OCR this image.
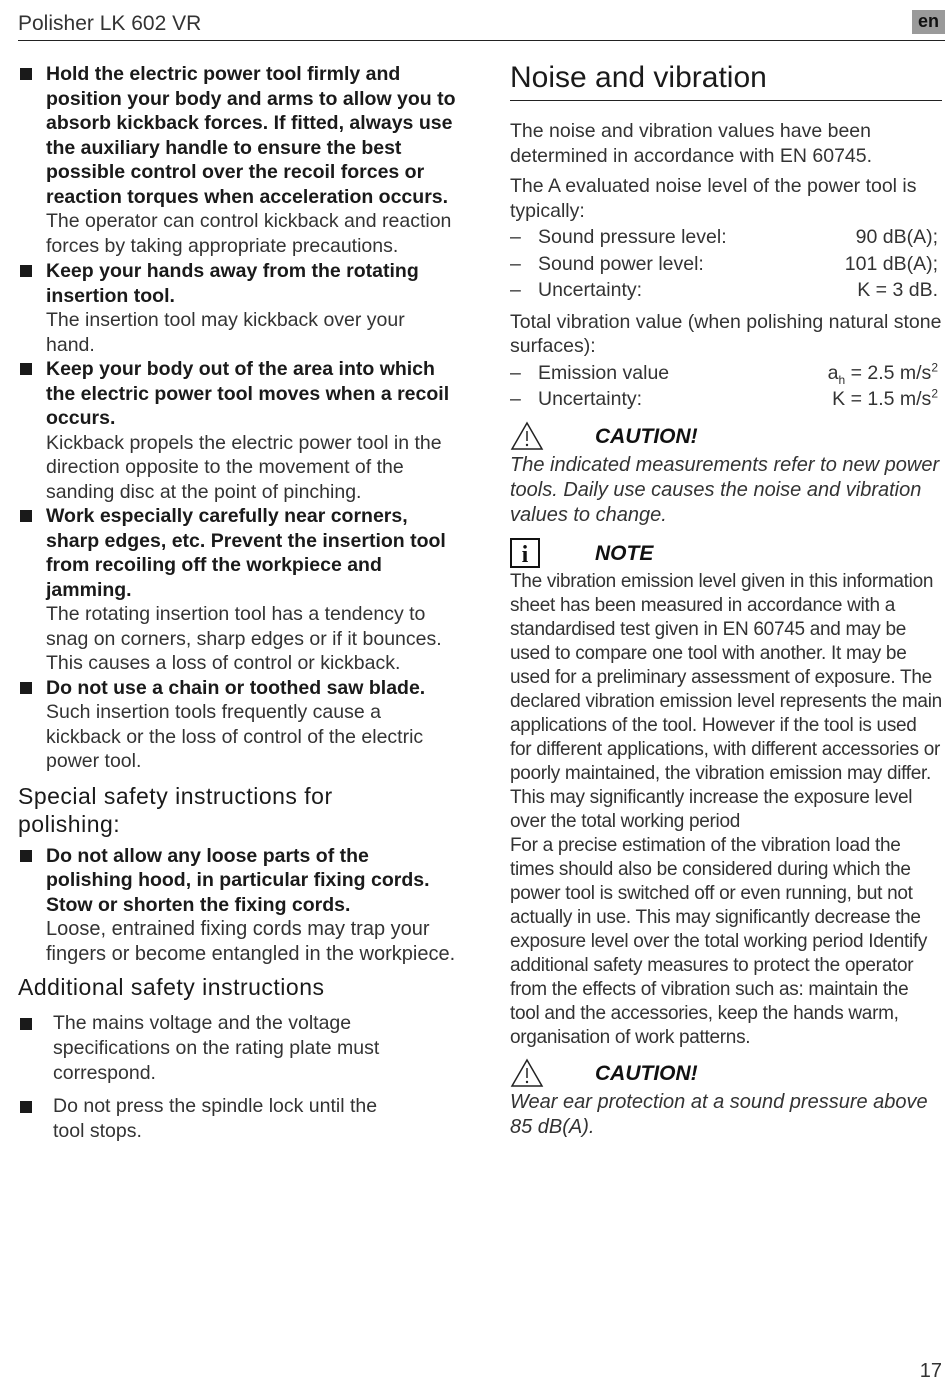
Polisher LK 602 VR	en
Hold the electric power tool firmly and position your body and arms to allow you to absorb kickback forces. If fitted, always use the auxiliary handle to ensure the best possible control over the recoil forces or reaction torques when acceleration occurs.
The operator can control kickback and reaction forces by taking appropriate precautions.
Keep your hands away from the rotating insertion tool.
The insertion tool may kickback over your hand.
Keep your body out of the area into which the electric power tool moves when a recoil occurs.
Kickback propels the electric power tool in the direction opposite to the movement of the sanding disc at the point of pinching.
Work especially carefully near corners, sharp edges, etc. Prevent the insertion tool from recoiling off the workpiece and jamming.
The rotating insertion tool has a tendency to snag on corners, sharp edges or if it bounces. This causes a loss of control or kickback.
Do not use a chain or toothed saw blade.
Such insertion tools frequently cause a kickback or the loss of control of the electric power tool.
Special safety instructions for polishing:
Do not allow any loose parts of the polishing hood, in particular fixing cords. Stow or shorten the fixing cords.
Loose, entrained fixing cords may trap your fingers or become entangled in the workpiece.
Additional safety instructions
The mains voltage and the voltage specifications on the rating plate must correspond.
Do not press the spindle lock until the tool stops.
Noise and vibration
The noise and vibration values have been determined in accordance with EN 60745.
The A evaluated noise level of the power tool is typically:
– Sound pressure level:	90 dB(A);
– Sound power level:	101 dB(A);
– Uncertainty:	K = 3 dB.
Total vibration value (when polishing natural stone surfaces):
– Emission value	$a_h = 2.5$ $m/s^2$
– Uncertainty:	K = 1.5 $m/s^2$
CAUTION!
The indicated measurements refer to new power tools. Daily use causes the noise and vibration values to change.
i	NOTE
The vibration emission level given in this information sheet has been measured in accordance with a standardised test given in EN 60745 and may be used to compare one tool with another. It may be used for a preliminary assessment of exposure. The declared vibration emission level represents the main applications of the tool. However if the tool is used for different applications, with different accessories or poorly maintained, the vibration emission may differ. This may significantly increase the exposure level over the total working period
For a precise estimation of the vibration load the times should also be considered during which the power tool is switched off or even running, but not actually in use. This may significantly decrease the exposure level over the total working period Identify additional safety measures to protect the operator from the effects of vibration such as: maintain the tool and the accessories, keep the hands warm, organisation of work patterns.
CAUTION!
Wear ear protection at a sound pressure above 85 dB(A).
17
